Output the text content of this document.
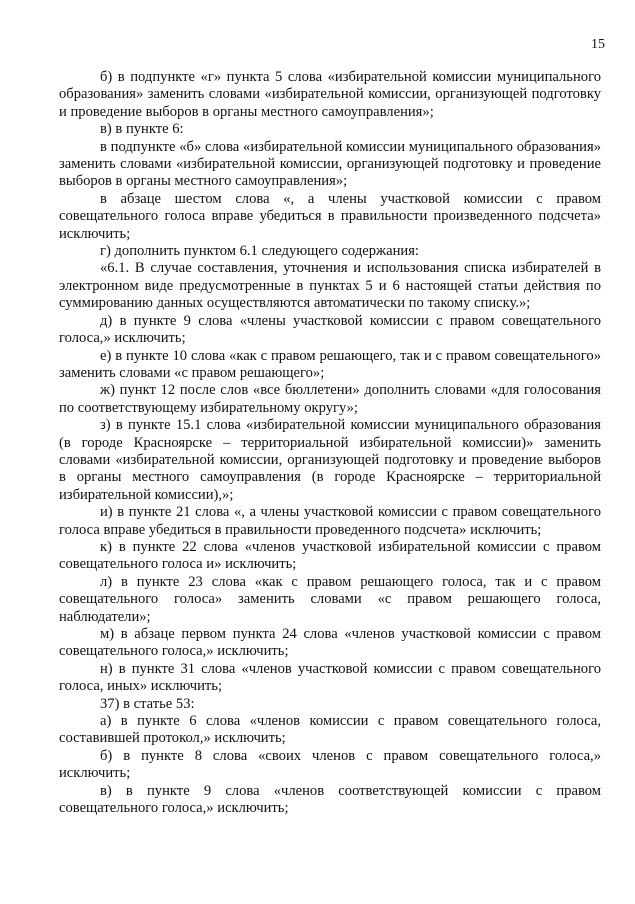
15

б) в подпункте «г» пункта 5 слова «избирательной комиссии муниципального образования» заменить словами «избирательной комиссии, организующей подготовку и проведение выборов в органы местного самоуправления»;

в) в пункте 6:

в подпункте «б» слова «избирательной комиссии муниципального образования» заменить словами «избирательной комиссии, организующей подготовку и проведение выборов в органы местного самоуправления»;

в абзаце шестом слова «, а члены участковой комиссии с правом совещательного голоса вправе убедиться в правильности произведенного подсчета» исключить;

г) дополнить пунктом 6.1 следующего содержания:

«6.1. В случае составления, уточнения и использования списка избирателей в электронном виде предусмотренные в пунктах 5 и 6 настоящей статьи действия по суммированию данных осуществляются автоматически по такому списку.»;

д) в пункте 9 слова «члены участковой комиссии с правом совещательного голоса,» исключить;

е) в пункте 10 слова «как с правом решающего, так и с правом совещательного» заменить словами «с правом решающего»;

ж) пункт 12 после слов «все бюллетени» дополнить словами «для голосования по соответствующему избирательному округу»;

з) в пункте 15.1 слова «избирательной комиссии муниципального образования (в городе Красноярске – территориальной избирательной комиссии)» заменить словами «избирательной комиссии, организующей подготовку и проведение выборов в органы местного самоуправления (в городе Красноярске – территориальной избирательной комиссии),»;

и) в пункте 21 слова «, а члены участковой комиссии с правом совещательного голоса вправе убедиться в правильности проведенного подсчета» исключить;

к) в пункте 22 слова «членов участковой избирательной комиссии с правом совещательного голоса и» исключить;

л) в пункте 23 слова «как с правом решающего голоса, так и с правом совещательного голоса» заменить словами «с правом решающего голоса, наблюдатели»;

м) в абзаце первом пункта 24 слова «членов участковой комиссии с правом совещательного голоса,» исключить;

н) в пункте 31 слова «членов участковой комиссии с правом совещательного голоса, иных» исключить;

37) в статье 53:

а) в пункте 6 слова «членов комиссии с правом совещательного голоса, составившей протокол,» исключить;

б) в пункте 8 слова «своих членов с правом совещательного голоса,» исключить;

в) в пункте 9 слова «членов соответствующей комиссии с правом совещательного голоса,» исключить;
